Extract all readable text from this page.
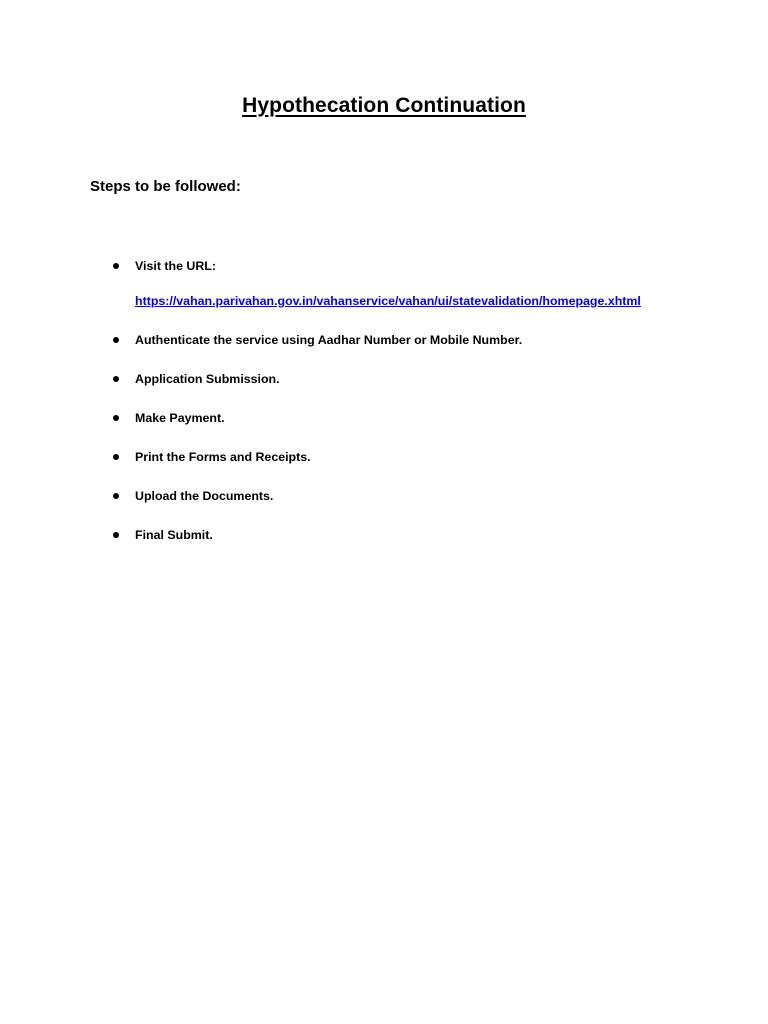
Hypothecation Continuation
Steps to be followed:
Visit the URL:
https://vahan.parivahan.gov.in/vahanservice/vahan/ui/statevalidation/homepage.xhtml
Authenticate the service using Aadhar Number or Mobile Number.
Application Submission.
Make Payment.
Print the Forms and Receipts.
Upload the Documents.
Final Submit.
